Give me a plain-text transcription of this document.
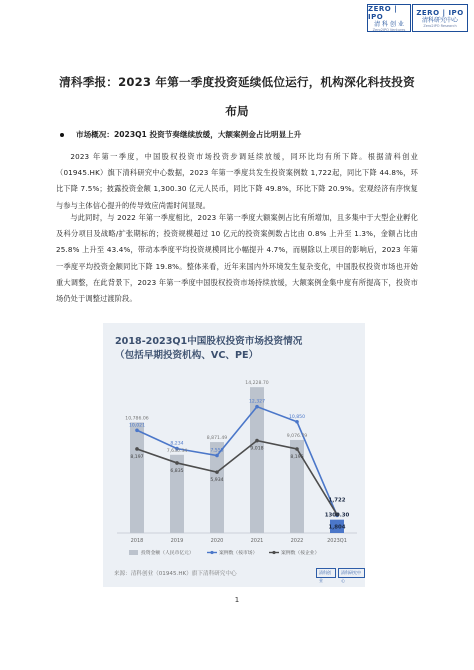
ZERO | IPO
清 科 创 业
Zero2IPO Ventures
ZERO | IPO
清科研究中心
Zero2IPO Research
清科季报：2023 年第一季度投资延续低位运行，机构深化科技投资布局
市场概况：2023Q1 投资节奏继续放缓，大额案例金占比明显上升
2023 年第一季度，中国股权投资市场投资步调延续放缓，同环比均有所下降。根据清科创业（01945.HK）旗下清科研究中心数据，2023 年第一季度共发生投资案例数 1,722起，同比下降 44.8%，环比下降 7.5%；披露投资金额 1,300.30 亿元人民币，同比下降 49.8%，环比下降 20.9%。宏观经济有序恢复与参与主体信心提升的传导效应尚需时间显现。
与此同时，与 2022 年第一季度相比，2023 年第一季度大额案例占比有所增加，且多集中于大型企业孵化及科分项目及战略/扩张期标的；投资规模超过 10 亿元的投资案例数占比由 0.8% 上升至 1.3%，金额占比由 25.8% 上升至 43.4%，带动本季度平均投资规模同比小幅提升 4.7%，而剔除以上项目的影响后，2023 年第一季度平均投资金额同比下降 19.8%。整体来看，近年来国内外环境发生复杂变化，中国股权投资市场也开始重大调整，在此背景下，2023 年第一季度中国股权投资市场持续放缓，大额案例金集中度有所提高下，投资市场仍处于调整过渡阶段。
2018-2023Q1中国股权投资市场投资情况
（包括早期投资机构、VC、PE）
10,786.06
7,630.34
8,871.49
14,228.70
9,076.79
1300.30
10,021
8,234
7,555
12,327
10,850
1,722
8,197
6,835
5,934
9,018
8,195
1,804
2018	2019	2020	2021	2022	2023Q1
投资金额（人民币亿元）	案例数（按市场）	案例数（按企业）
来源：清科创业（01945.HK）旗下清科研究中心	清科创业
清科研究中心
1
